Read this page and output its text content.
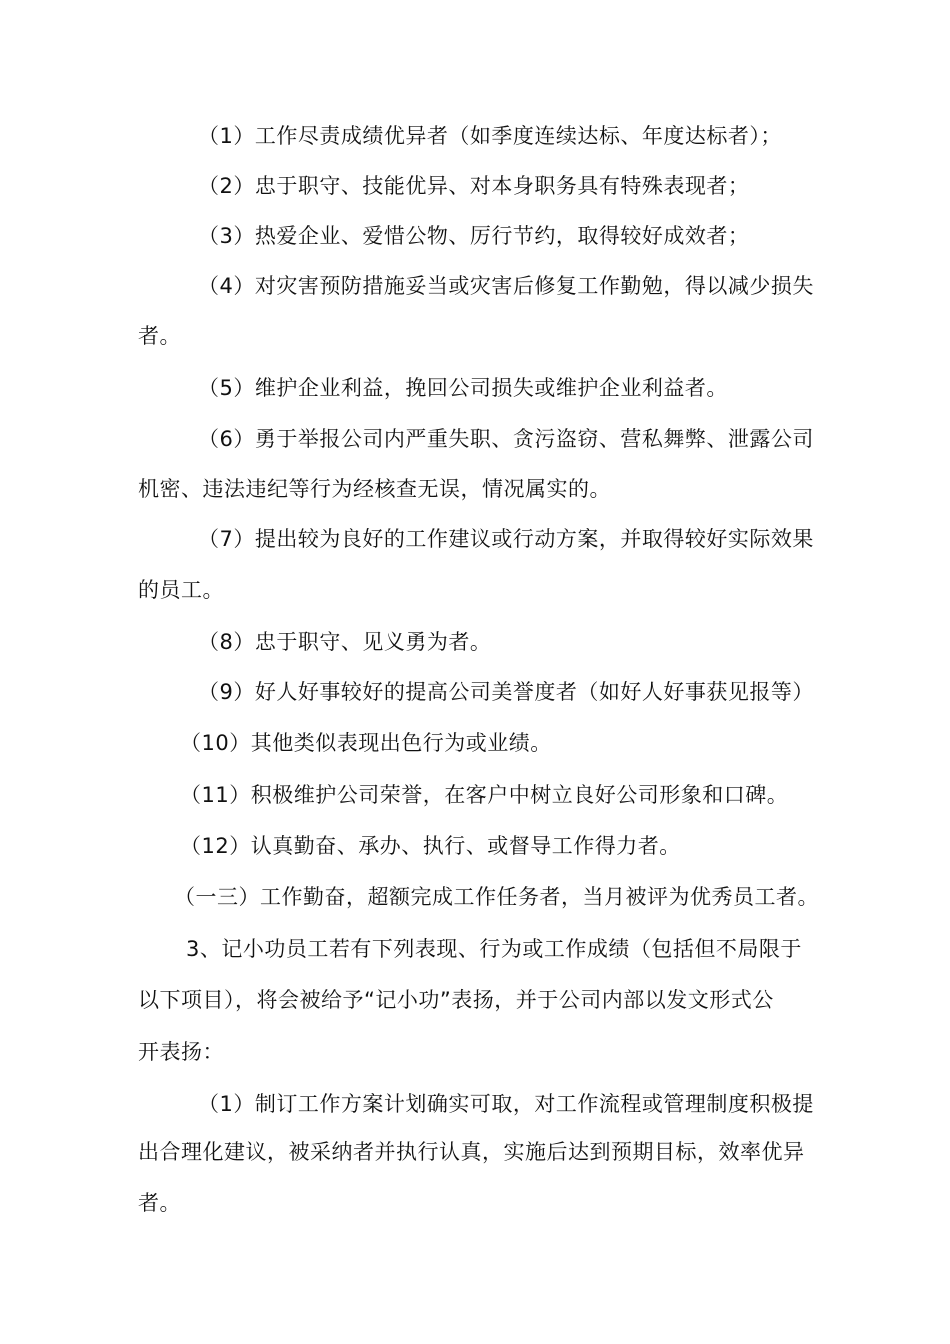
（1）工作尽责成绩优异者（如季度连续达标、年度达标者）；
（2）忠于职守、技能优异、对本身职务具有特殊表现者；
（3）热爱企业、爱惜公物、厉行节约，取得较好成效者；
（4）对灾害预防措施妥当或灾害后修复工作勤勉，得以减少损失
者。
（5）维护企业利益，挽回公司损失或维护企业利益者。
（6）勇于举报公司内严重失职、贪污盗窃、营私舞弊、泄露公司
机密、违法违纪等行为经核查无误，情况属实的。
（7）提出较为良好的工作建议或行动方案，并取得较好实际效果
的员工。
（8）忠于职守、见义勇为者。
（9）好人好事较好的提高公司美誉度者（如好人好事获见报等）
（10）其他类似表现出色行为或业绩。
（11）积极维护公司荣誉，在客户中树立良好公司形象和口碑。
（12）认真勤奋、承办、执行、或督导工作得力者。
（一三）工作勤奋，超额完成工作任务者，当月被评为优秀员工者。
3、记小功员工若有下列表现、行为或工作成绩（包括但不局限于
以下项目），将会被给予“记小功”表扬，并于公司内部以发文形式公
开表扬：
（1）制订工作方案计划确实可取，对工作流程或管理制度积极提
出合理化建议，被采纳者并执行认真，实施后达到预期目标，效率优异
者。
